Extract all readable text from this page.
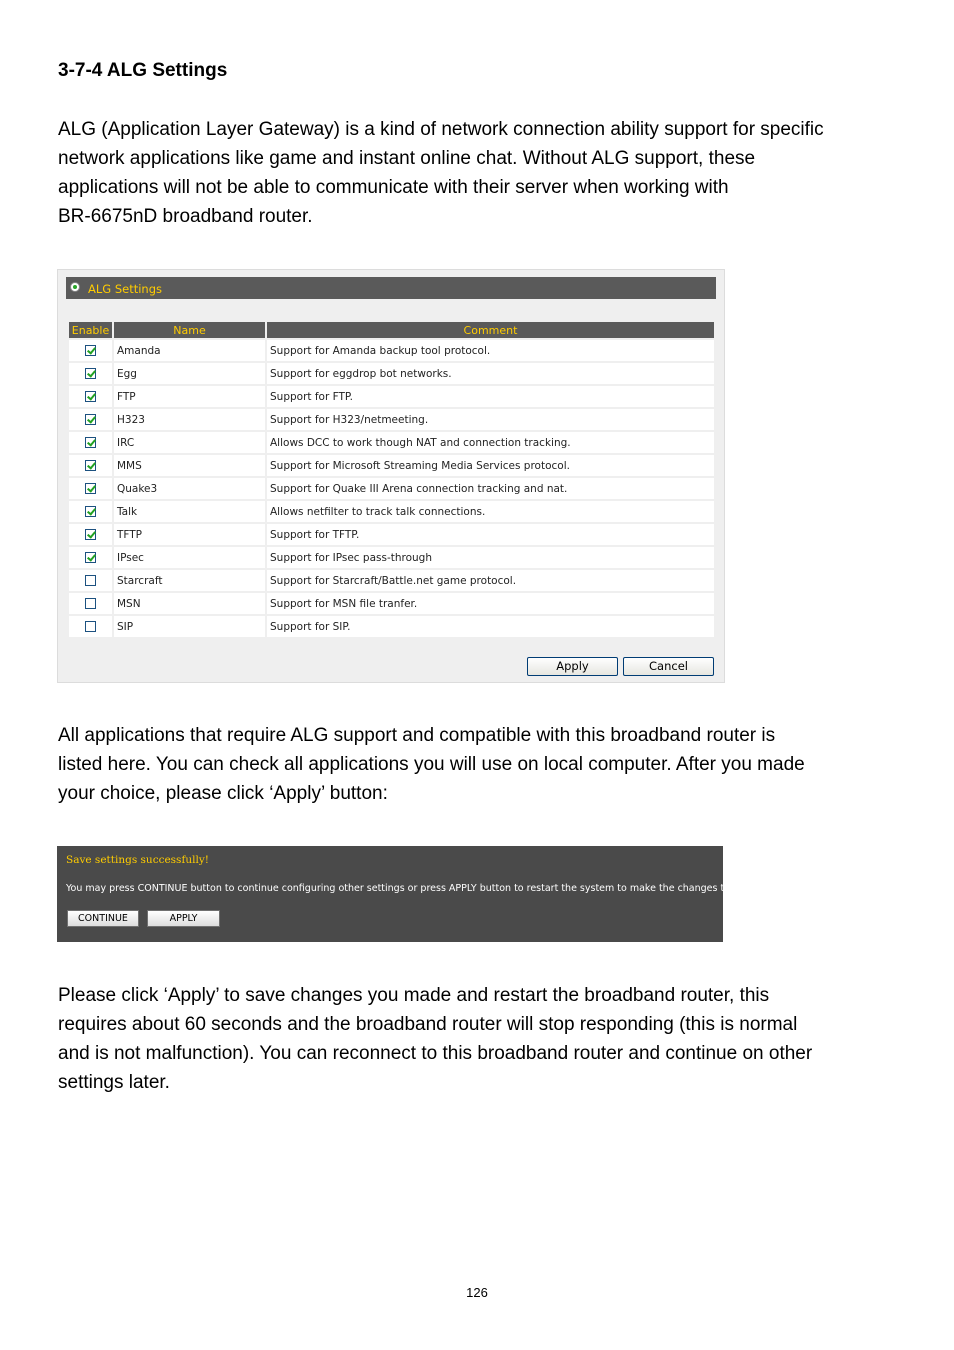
3-7-4 ALG Settings
ALG (Application Layer Gateway) is a kind of network connection ability support for specific
network applications like game and instant online chat. Without ALG support, these
applications will not be able to communicate with their server when working with
BR-6675nD broadband router.
ALG Settings
Enable	Name	Comment
	Amanda	Support for Amanda backup tool protocol.
	Egg	Support for eggdrop bot networks.
	FTP	Support for FTP.
	H323	Support for H323/netmeeting.
	IRC	Allows DCC to work though NAT and connection tracking.
	MMS	Support for Microsoft Streaming Media Services protocol.
	Quake3	Support for Quake III Arena connection tracking and nat.
	Talk	Allows netfilter to track talk connections.
	TFTP	Support for TFTP.
	IPsec	Support for IPsec pass-through
	Starcraft	Support for Starcraft/Battle.net game protocol.
	MSN	Support for MSN file tranfer.
	SIP	Support for SIP.
Apply	Cancel
All applications that require ALG support and compatible with this broadband router is
listed here. You can check all applications you will use on local computer. After you made
your choice, please click ‘Apply’ button:
Save settings successfully!
You may press CONTINUE button to continue configuring other settings or press APPLY button to restart the system to make the changes take effect.
CONTINUE	APPLY
Please click ‘Apply’ to save changes you made and restart the broadband router, this
requires about 60 seconds and the broadband router will stop responding (this is normal
and is not malfunction). You can reconnect to this broadband router and continue on other
settings later.
126
